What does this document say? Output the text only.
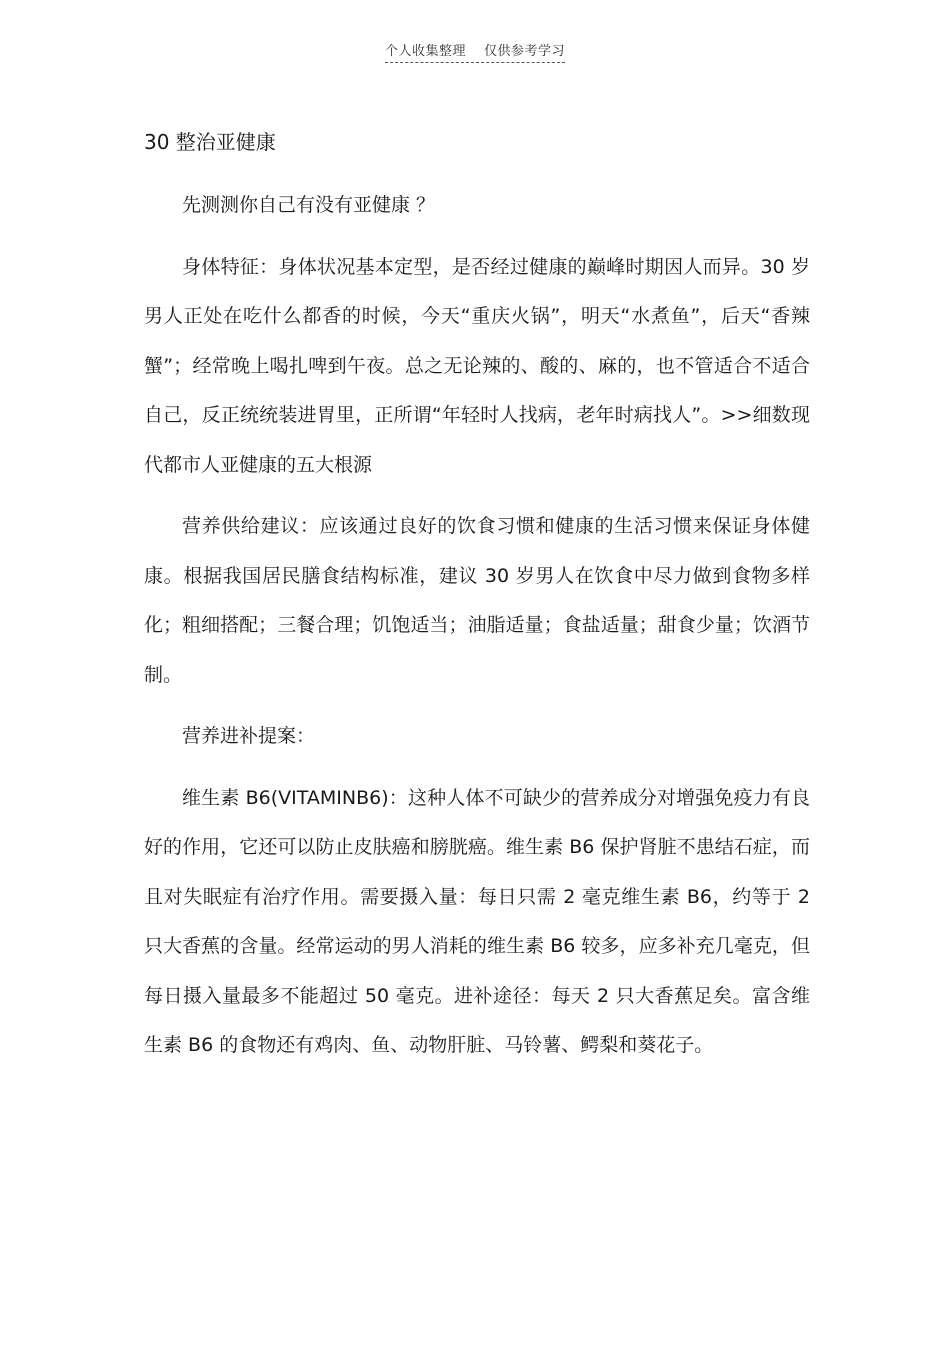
个人收集整理 仅供参考学习
30 整治亚健康

先测测你自己有没有亚健康 ？

身体特征：身体状况基本定型，是否经过健康的巅峰时期因人而异。30 岁男人正处在吃什么都香的时候，今天“重庆火锅”，明天“水煮鱼”，后天“香辣蟹”；经常晚上喝扎啤到午夜。总之无论辣的、酸的、麻的，也不管适合不适合自己，反正统统装进胃里，正所谓“年轻时人找病，老年时病找人”。>>细数现代都市人亚健康的五大根源

营养供给建议：应该通过良好的饮食习惯和健康的生活习惯来保证身体健康。根据我国居民膳食结构标准，建议 30 岁男人在饮食中尽力做到食物多样化；粗细搭配；三餐合理；饥饱适当；油脂适量；食盐适量；甜食少量；饮酒节制。

营养进补提案：

维生素 B6(VITAMINB6)：这种人体不可缺少的营养成分对增强免疫力有良好的作用，它还可以防止皮肤癌和膀胱癌。维生素 B6 保护肾脏不患结石症，而且对失眠症有治疗作用。需要摄入量：每日只需 2 毫克维生素 B6，约等于 2 只大香蕉的含量。经常运动的男人消耗的维生素 B6 较多，应多补充几毫克，但每日摄入量最多不能超过 50 毫克。进补途径：每天 2 只大香蕉足矣。富含维生素 B6 的食物还有鸡肉、鱼、动物肝脏、马铃薯、鳄梨和葵花子。
